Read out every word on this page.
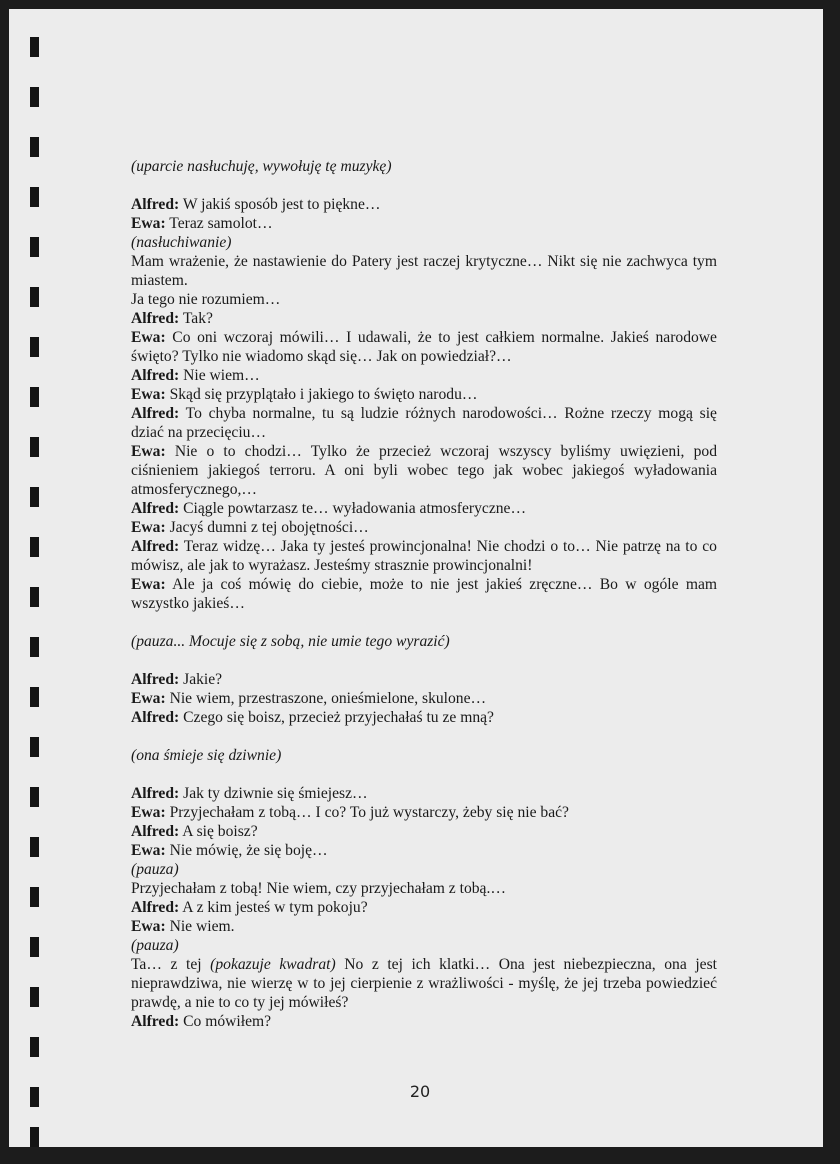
(uparcie nasłuchuję, wywołuję tę muzykę)

Alfred: W jakiś sposób jest to piękne…

Ewa: Teraz samolot…

(nasłuchiwanie)

Mam wrażenie, że nastawienie do Patery jest raczej krytyczne… Nikt się nie zachwyca tym miastem.

Ja tego nie rozumiem…

Alfred: Tak?

Ewa: Co oni wczoraj mówili… I udawali, że to jest całkiem normalne. Jakieś narodowe święto? Tylko nie wiadomo skąd się… Jak on powiedział?…

Alfred: Nie wiem…

Ewa: Skąd się przyplątało i jakiego to święto narodu…

Alfred: To chyba normalne, tu są ludzie różnych narodowości… Rożne rzeczy mogą się dziać na przecięciu…

Ewa: Nie o to chodzi… Tylko że przecież wczoraj wszyscy byliśmy uwięzieni, pod ciśnieniem jakiegoś terroru. A oni byli wobec tego jak wobec jakiegoś wyładowania atmosferycznego,…

Alfred: Ciągle powtarzasz te… wyładowania atmosferyczne…

Ewa: Jacyś dumni z tej obojętności…

Alfred: Teraz widzę… Jaka ty jesteś prowincjonalna! Nie chodzi o to… Nie patrzę na to co mówisz, ale jak to wyrażasz. Jesteśmy strasznie prowincjonalni!

Ewa: Ale ja coś mówię do ciebie, może to nie jest jakieś zręczne… Bo w ogóle mam wszystko jakieś…

(pauza... Mocuje się z sobą, nie umie tego wyrazić)

Alfred: Jakie?

Ewa: Nie wiem, przestraszone, onieśmielone, skulone…

Alfred: Czego się boisz, przecież przyjechałaś tu ze mną?

(ona śmieje się dziwnie)

Alfred: Jak ty dziwnie się śmiejesz…

Ewa: Przyjechałam z tobą… I co? To już wystarczy, żeby się nie bać?

Alfred: A się boisz?

Ewa: Nie mówię, że się boję…

(pauza)

Przyjechałam z tobą! Nie wiem, czy przyjechałam z tobą.…

Alfred: A z kim jesteś w tym pokoju?

Ewa: Nie wiem.

(pauza)

Ta… z tej (pokazuje kwadrat) No z tej ich klatki… Ona jest niebezpieczna, ona jest nieprawdziwa, nie wierzę w to jej cierpienie z wrażliwości - myślę, że jej trzeba powiedzieć prawdę, a nie to co ty jej mówiłeś?

Alfred: Co mówiłem?

20
